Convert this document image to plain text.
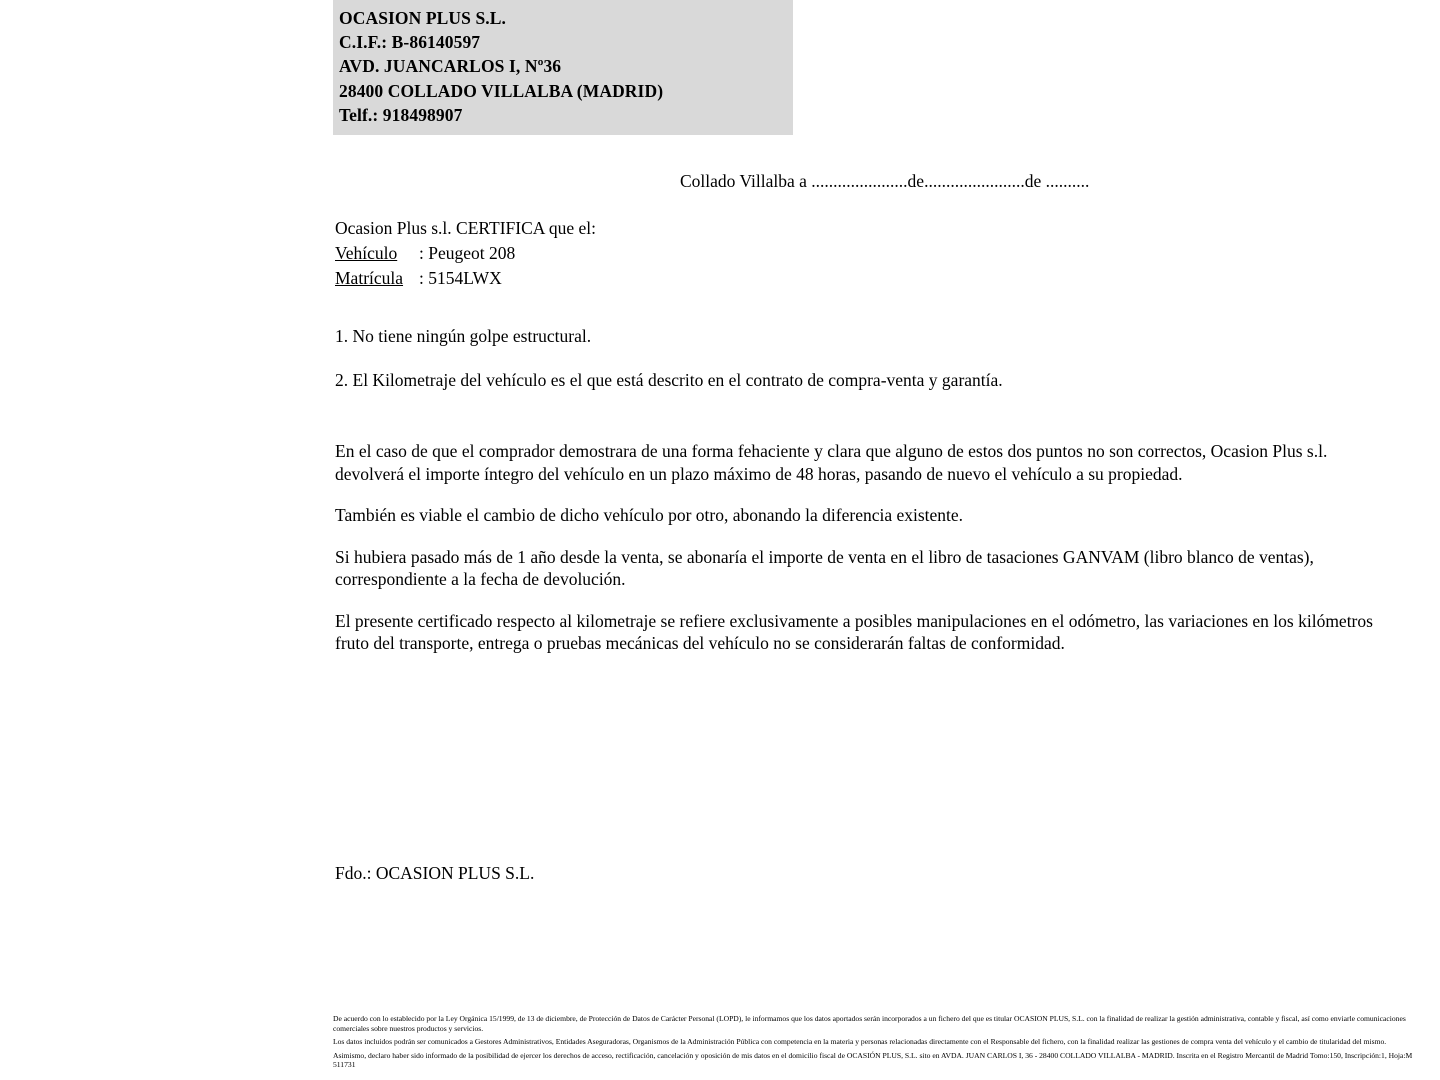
OCASION PLUS S.L.
C.I.F.: B-86140597
AVD. JUANCARLOS I, Nº36
28400 COLLADO VILLALBA (MADRID)
Telf.: 918498907
Collado Villalba a ......................de.......................de ..........
Ocasion Plus s.l. CERTIFICA que el:
Vehículo : Peugeot 208
Matrícula : 5154LWX

1. No tiene ningún golpe estructural.

2. El Kilometraje del vehículo es el que está descrito en el contrato de compra-venta y garantía.

En el caso de que el comprador demostrara de una forma fehaciente y clara que alguno de estos dos puntos no son correctos, Ocasion Plus s.l. devolverá el importe íntegro del vehículo en un plazo máximo de 48 horas, pasando de nuevo el vehículo a su propiedad.

También es viable el cambio de dicho vehículo por otro, abonando la diferencia existente.

Si hubiera pasado más de 1 año desde la venta, se abonaría el importe de venta en el libro de tasaciones GANVAM (libro blanco de ventas), correspondiente a la fecha de devolución.

El presente certificado respecto al kilometraje se refiere exclusivamente a posibles manipulaciones en el odómetro, las variaciones en los kilómetros fruto del transporte, entrega o pruebas mecánicas del vehículo no se considerarán faltas de conformidad.

Fdo.: OCASION PLUS S.L.

De acuerdo con lo establecido por la Ley Orgánica 15/1999, de 13 de diciembre, de Protección de Datos de Carácter Personal (LOPD), le informamos que los datos aportados serán incorporados a un fichero del que es titular OCASION PLUS, S.L. con la finalidad de realizar la gestión administrativa, contable y fiscal, así como enviarle comunicaciones comerciales sobre nuestros productos y servicios.

Los datos incluidos podrán ser comunicados a Gestores Administrativos, Entidades Aseguradoras, Organismos de la Administración Pública con competencia en la materia y personas relacionadas directamente con el Responsable del fichero, con la finalidad realizar las gestiones de compra venta del vehículo y el cambio de titularidad del mismo.

Asimismo, declaro haber sido informado de la posibilidad de ejercer los derechos de acceso, rectificación, cancelación y oposición de mis datos en el domicilio fiscal de OCASIÓN PLUS, S.L. sito en AVDA. JUAN CARLOS I, 36 - 28400 COLLADO VILLALBA - MADRID. Inscrita en el Registro Mercantil de Madrid Tomo:150, Inscripción:1, Hoja:M 511731
